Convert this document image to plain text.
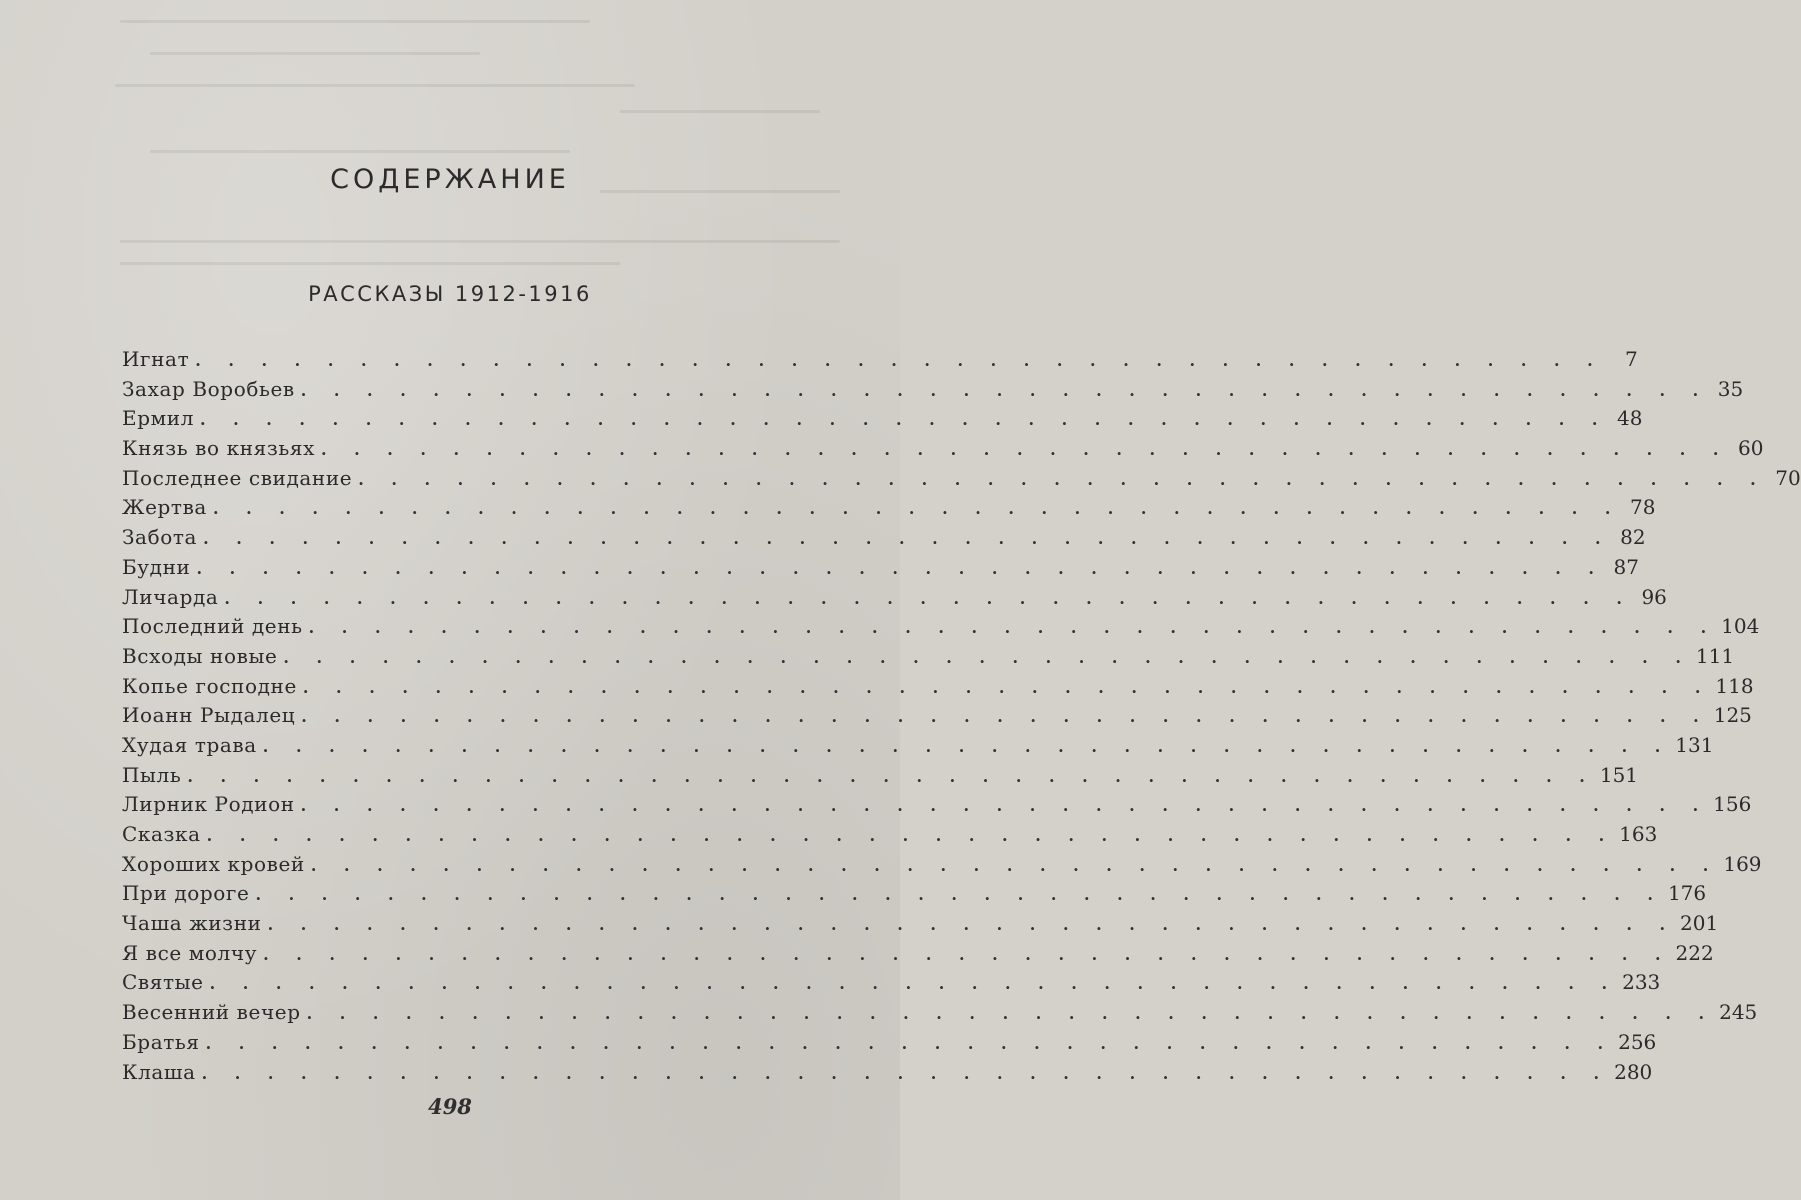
СОДЕРЖАНИЕ
РАССКАЗЫ 1912-1916
Игнат . . . . . . . . . . . . . . . . . . . . . . . . . . . . . . . . . . . . . . . . . . .	7
Захар Воробьев . . . . . . . . . . . . . . . . . . . . . . . . . . . . . . . . . . . . . . . . . . . 35
Ермил . . . . . . . . . . . . . . . . . . . . . . . . . . . . . . . . . . . . . . . . . . . 48
Князь во князьях . . . . . . . . . . . . . . . . . . . . . . . . . . . . . . . . . . . . . . . . . . . 60
Последнее свидание . . . . . . . . . . . . . . . . . . . . . . . . . . . . . . . . . . . . . . . . . . . 70
Жертва . . . . . . . . . . . . . . . . . . . . . . . . . . . . . . . . . . . . . . . . . . . 78
Забота . . . . . . . . . . . . . . . . . . . . . . . . . . . . . . . . . . . . . . . . . . . 82
Будни . . . . . . . . . . . . . . . . . . . . . . . . . . . . . . . . . . . . . . . . . . . 87
Личарда . . . . . . . . . . . . . . . . . . . . . . . . . . . . . . . . . . . . . . . . . . . 96
Последний день . . . . . . . . . . . . . . . . . . . . . . . . . . . . . . . . . . . . . . . . . . . 104
Всходы новые . . . . . . . . . . . . . . . . . . . . . . . . . . . . . . . . . . . . . . . . . . . 111
Копье господне . . . . . . . . . . . . . . . . . . . . . . . . . . . . . . . . . . . . . . . . . . . 118
Иоанн Рыдалец . . . . . . . . . . . . . . . . . . . . . . . . . . . . . . . . . . . . . . . . . . . 125
Худая трава . . . . . . . . . . . . . . . . . . . . . . . . . . . . . . . . . . . . . . . . . . . 131
Пыль . . . . . . . . . . . . . . . . . . . . . . . . . . . . . . . . . . . . . . . . . . . 151
Лирник Родион . . . . . . . . . . . . . . . . . . . . . . . . . . . . . . . . . . . . . . . . . . . 156
Сказка . . . . . . . . . . . . . . . . . . . . . . . . . . . . . . . . . . . . . . . . . . . 163
Хороших кровей . . . . . . . . . . . . . . . . . . . . . . . . . . . . . . . . . . . . . . . . . . . 169
При дороге . . . . . . . . . . . . . . . . . . . . . . . . . . . . . . . . . . . . . . . . . . . 176
Чаша жизни . . . . . . . . . . . . . . . . . . . . . . . . . . . . . . . . . . . . . . . . . . . 201
Я все молчу . . . . . . . . . . . . . . . . . . . . . . . . . . . . . . . . . . . . . . . . . . . 222
Святые . . . . . . . . . . . . . . . . . . . . . . . . . . . . . . . . . . . . . . . . . . . 233
Весенний вечер . . . . . . . . . . . . . . . . . . . . . . . . . . . . . . . . . . . . . . . . . . . 245
Братья . . . . . . . . . . . . . . . . . . . . . . . . . . . . . . . . . . . . . . . . . . . 256
Клаша . . . . . . . . . . . . . . . . . . . . . . . . . . . . . . . . . . . . . . . . . . . 280
498
